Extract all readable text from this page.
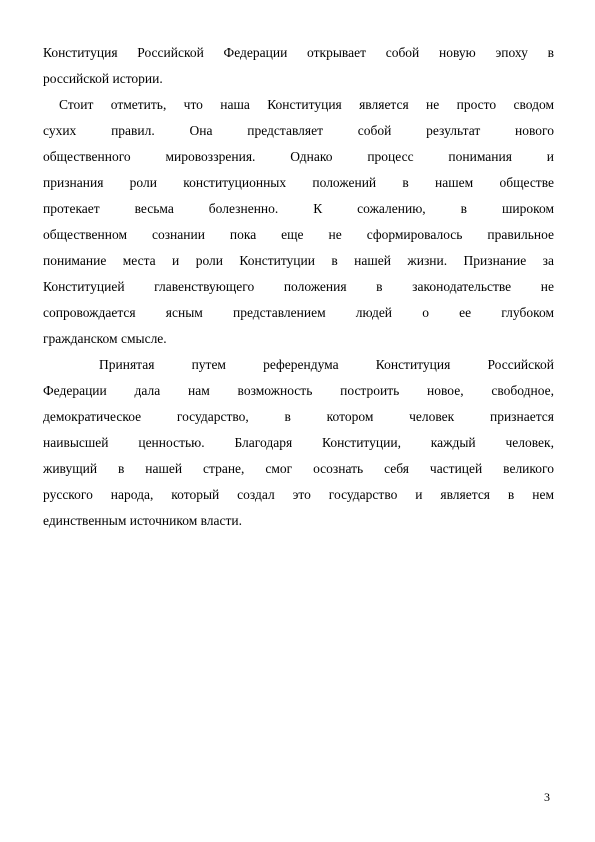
Конституция Российской Федерации открывает собой новую эпоху в
российской истории.
Стоит отметить, что наша Конституция является не просто сводом
сухих правил. Она представляет собой результат нового
общественного мировоззрения. Однако процесс понимания и
признания роли конституционных положений в нашем обществе
протекает весьма болезненно. К сожалению, в широком
общественном сознании пока еще не сформировалось правильное
понимание места и роли Конституции в нашей жизни. Признание за
Конституцией главенствующего положения в законодательстве не
сопровождается ясным представлением людей о ее глубоком
гражданском смысле.
Принятая путем референдума Конституция Российской
Федерации дала нам возможность построить новое, свободное,
демократическое государство, в котором человек признается
наивысшей ценностью. Благодаря Конституции, каждый человек,
живущий в нашей стране, смог осознать себя частицей великого
русского народа, который создал это государство и является в нем
единственным источником власти.
3
